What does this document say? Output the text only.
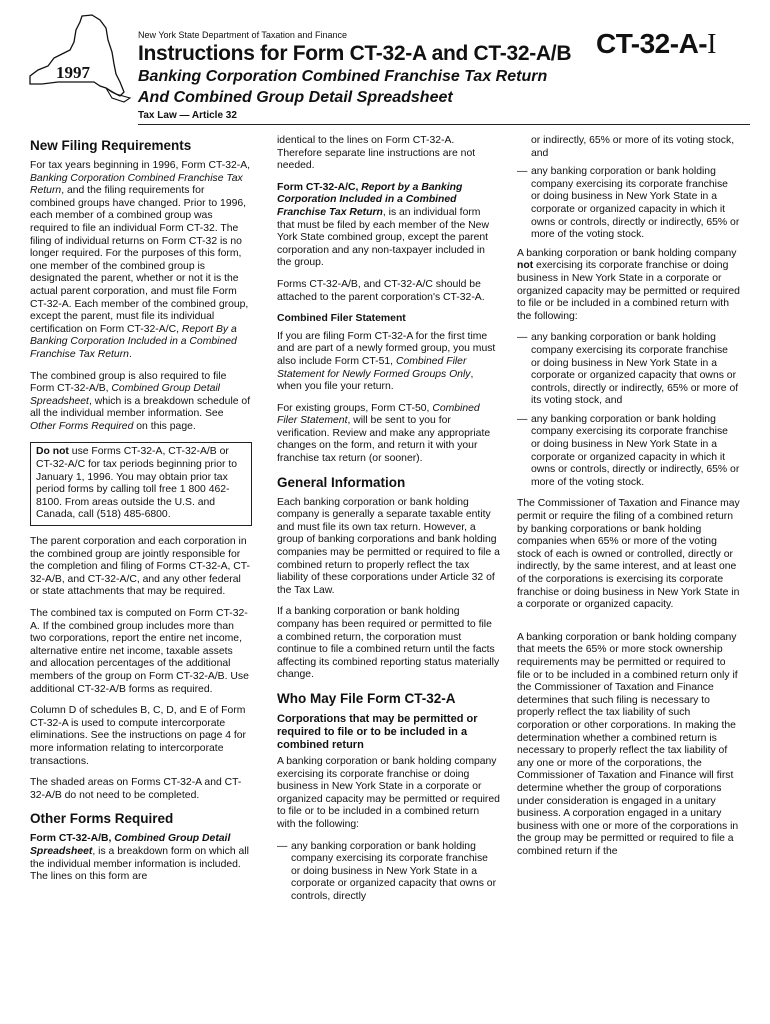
1997
New York State Department of Taxation and Finance
Instructions for Form CT-32-A and CT-32-A/B
Banking Corporation Combined Franchise Tax Return
And Combined Group Detail Spreadsheet
Tax Law — Article 32
CT-32-A-I
New Filing Requirements

For tax years beginning in 1996, Form CT-32-A, Banking Corporation Combined Franchise Tax Return, and the filing requirements for combined groups have changed. Prior to 1996, each member of a combined group was required to file an individual Form CT-32. The filing of individual returns on Form CT-32 is no longer required. For the purposes of this form, one member of the combined group is designated the parent, whether or not it is the actual parent corporation, and must file Form CT-32-A. Each member of the combined group, except the parent, must file its individual certification on Form CT-32-A/C, Report By a Banking Corporation Included in a Combined Franchise Tax Return.

The combined group is also required to file Form CT-32-A/B, Combined Group Detail Spreadsheet, which is a breakdown schedule of all the individual member information. See Other Forms Required on this page.

Do not use Forms CT-32-A, CT-32-A/B or CT-32-A/C for tax periods beginning prior to January 1, 1996. You may obtain prior tax period forms by calling toll free 1 800 462-8100. From areas outside the U.S. and Canada, call (518) 485-6800.

The parent corporation and each corporation in the combined group are jointly responsible for the completion and filing of Forms CT-32-A, CT-32-A/B, and CT-32-A/C, and any other federal or state attachments that may be required.

The combined tax is computed on Form CT-32-A. If the combined group includes more than two corporations, report the entire net income, alternative entire net income, taxable assets and allocation percentages of the additional members of the group on Form CT-32-A/B. Use additional CT-32-A/B forms as required.

Column D of schedules B, C, D, and E of Form CT-32-A is used to compute intercorporate eliminations. See the instructions on page 4 for more information relating to intercorporate transactions.

The shaded areas on Forms CT-32-A and CT-32-A/B do not need to be completed.

Other Forms Required

Form CT-32-A/B, Combined Group Detail Spreadsheet, is a breakdown form on which all the individual member information is included. The lines on this form are

identical to the lines on Form CT-32-A. Therefore separate line instructions are not needed.

Form CT-32-A/C, Report by a Banking Corporation Included in a Combined Franchise Tax Return, is an individual form that must be filed by each member of the New York State combined group, except the parent corporation and any non-taxpayer included in the group.

Forms CT-32-A/B, and CT-32-A/C should be attached to the parent corporation's CT-32-A.

Combined Filer Statement

If you are filing Form CT-32-A for the first time and are part of a newly formed group, you must also include Form CT-51, Combined Filer Statement for Newly Formed Groups Only, when you file your return.

For existing groups, Form CT-50, Combined Filer Statement, will be sent to you for verification. Review and make any appropriate changes on the form, and return it with your franchise tax return (or sooner).

General Information

Each banking corporation or bank holding company is generally a separate taxable entity and must file its own tax return. However, a group of banking corporations and bank holding companies may be permitted or required to file a combined return to properly reflect the tax liability of these corporations under Article 32 of the Tax Law.

If a banking corporation or bank holding company has been required or permitted to file a combined return, the corporation must continue to file a combined return until the facts affecting its combined reporting status materially change.

Who May File Form CT-32-A
Corporations that may be permitted or required to file or to be included in a combined return

A banking corporation or bank holding company exercising its corporate franchise or doing business in New York State in a corporate or organized capacity may be permitted or required to file or to be included in a combined return with the following:

— any banking corporation or bank holding company exercising its corporate franchise or doing business in New York State in a corporate or organized capacity that owns or controls, directly
or indirectly, 65% or more of its voting stock, and
— any banking corporation or bank holding company exercising its corporate franchise or doing business in New York State in a corporate or organized capacity in which it owns or controls, directly or indirectly, 65% or more of the voting stock.

A banking corporation or bank holding company not exercising its corporate franchise or doing business in New York State in a corporate or organized capacity may be permitted or required to file or be included in a combined return with the following:

— any banking corporation or bank holding company exercising its corporate franchise or doing business in New York State in a corporate or organized capacity that owns or controls, directly or indirectly, 65% or more of its voting stock, and
— any banking corporation or bank holding company exercising its corporate franchise or doing business in New York State in a corporate or organized capacity in which it owns or controls, directly or indirectly, 65% or more of the voting stock.

The Commissioner of Taxation and Finance may permit or require the filing of a combined return by banking corporations or bank holding companies when 65% or more of the voting stock of each is owned or controlled, directly or indirectly, by the same interest, and at least one of the corporations is exercising its corporate franchise or doing business in New York State in a corporate or organized capacity.

A banking corporation or bank holding company that meets the 65% or more stock ownership requirements may be permitted or required to file or to be included in a combined return only if the Commissioner of Taxation and Finance determines that such filing is necessary to properly reflect the tax liability of such corporation or other corporations. In making the determination whether a combined return is necessary to properly reflect the tax liability of any one or more of the corporations, the Commissioner of Taxation and Finance will first determine whether the group of corporations under consideration is engaged in a unitary business. A corporation engaged in a unitary business with one or more of the corporations in the group may be permitted or required to file a combined return if the
